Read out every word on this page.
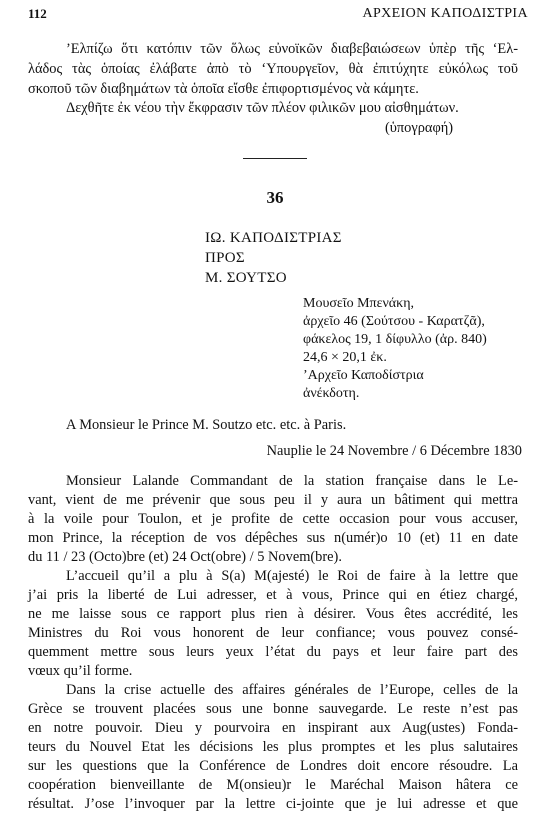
112	ΑΡΧΕΙΟΝ ΚΑΠΟΔΙΣΤΡΙΑ
’Ελπίζω ὅτι κατόπιν τῶν ὅλως εὐνοϊκῶν διαβεβαιώσεων ὑπὲρ τῆς ‘Ελ-
λάδος τὰς ὁποίας ἐλάβατε ἀπὸ τὸ ‘Υπουργεῖον, θὰ ἐπιτύχητε εὐκόλως τοῦ
σκοποῦ τῶν διαβημάτων τὰ ὁποῖα εἴσθε ἐπιφορτισμένος νὰ κάμητε.
Δεχθῆτε ἐκ νέου τὴν ἔκφρασιν τῶν πλέον φιλικῶν μου αἰσθημάτων.
(ὑπογραφή)
36
ΙΩ. ΚΑΠΟΔΙΣΤΡΙΑΣ
ΠΡΟΣ
Μ. ΣΟΥΤΣΟ
Μουσεῖο Μπενάκη,
ἀρχεῖο 46 (Σούτσου - Καρατζᾶ),
φάκελος 19, 1 δίφυλλο (ἀρ. 840)
24,6 × 20,1 ἐκ.
’Αρχεῖο Καποδίστρια
ἀνέκδοτη.
A Monsieur le Prince M. Soutzo etc. etc. à Paris.
Nauplie le 24 Novembre / 6 Décembre 1830
Monsieur Lalande Commandant de la station française dans le Le-
vant, vient de me prévenir que sous peu il y aura un bâtiment qui mettra
à la voile pour Toulon, et je profite de cette occasion pour vous accuser,
mon Prince, la réception de vos dépêches sus n(umér)o 10 (et) 11 en date
du 11 / 23 (Octo)bre (et) 24 Oct(obre) / 5 Novem(bre).
L’accueil qu’il a plu à S(a) M(ajesté) le Roi de faire à la lettre que
j’ai pris la liberté de Lui adresser, et à vous, Prince qui en étiez chargé,
ne me laisse sous ce rapport plus rien à désirer. Vous êtes accrédité, les
Ministres du Roi vous honorent de leur confiance; vous pouvez consé-
quemment mettre sous leurs yeux l’état du pays et leur faire part des
vœux qu’il forme.
Dans la crise actuelle des affaires générales de l’Europe, celles de la
Grèce se trouvent placées sous une bonne sauvegarde. Le reste n’est pas
en notre pouvoir. Dieu y pourvoira en inspirant aux Aug(ustes) Fonda-
teurs du Nouvel Etat les décisions les plus promptes et les plus salutaires
sur les questions que la Conférence de Londres doit encore résoudre. La
coopération bienveillante de M(onsieu)r le Maréchal Maison hâtera ce
résultat. J’ose l’invoquer par la lettre ci-jointe que je lui adresse et que
